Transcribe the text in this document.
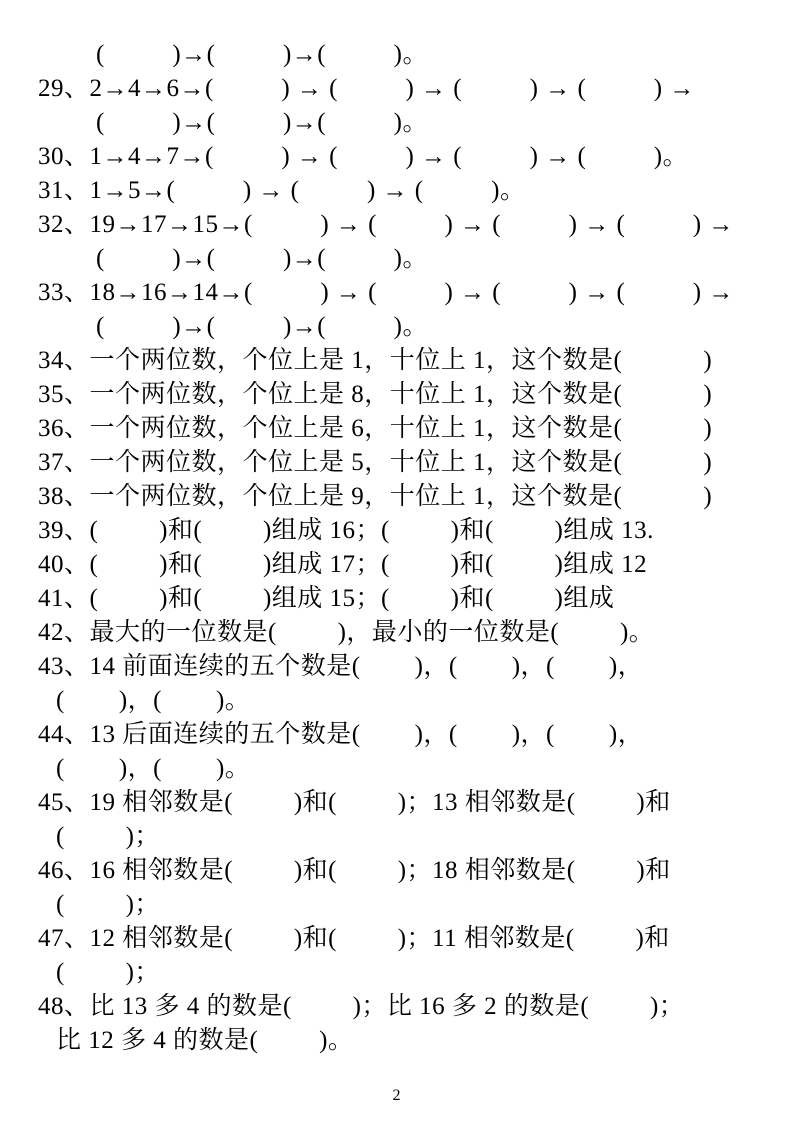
(          )→(          )→(          )。
29、2→4→6→(          ) → (          ) → (          ) → (          ) →
(          )→(          )→(          )。
30、1→4→7→(          ) → (          ) → (          ) → (          )。
31、1→5→(          ) → (          ) → (          )。
32、19→17→15→(          ) → (          ) → (          ) → (          ) →
(          )→(          )→(          )。
33、18→16→14→(          ) → (          ) → (          ) → (          ) →
(          )→(          )→(          )。
34、一个两位数，个位上是 1，十位上 1，这个数是(            )
35、一个两位数，个位上是 8，十位上 1，这个数是(            )
36、一个两位数，个位上是 6，十位上 1，这个数是(            )
37、一个两位数，个位上是 5，十位上 1，这个数是(            )
38、一个两位数，个位上是 9，十位上 1，这个数是(            )
39、(         )和(         )组成 16；(         )和(         )组成 13.
40、(         )和(         )组成 17；(         )和(         )组成 12
41、(         )和(         )组成 15；(         )和(         )组成
42、最大的一位数是(         )，最小的一位数是(         )。
43、14 前面连续的五个数是(        )，(        )，(        )，
(        )，(        )。
44、13 后面连续的五个数是(        )，(        )，(        )，
(        )，(        )。
45、19 相邻数是(         )和(         )；13 相邻数是(         )和
(         )；
46、16 相邻数是(         )和(         )；18 相邻数是(         )和
(         )；
47、12 相邻数是(         )和(         )；11 相邻数是(         )和
(         )；
48、比 13 多 4 的数是(         )；比 16 多 2 的数是(         )；
比 12 多 4 的数是(         )。
2
